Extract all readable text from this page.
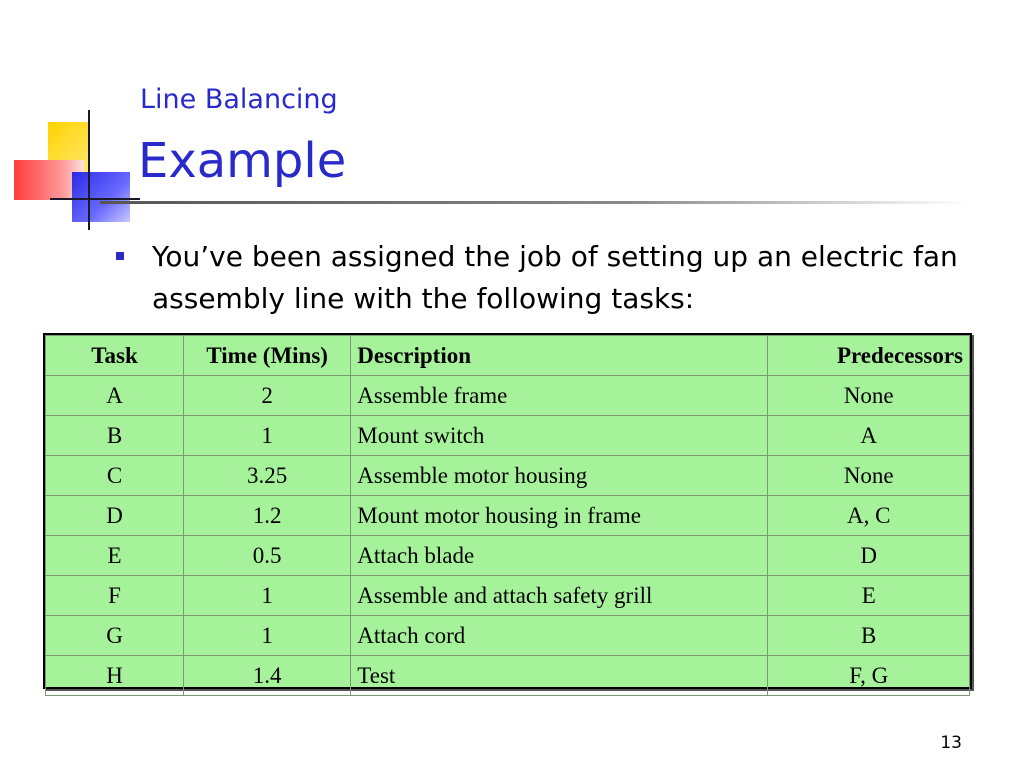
Line Balancing
Example

You’ve been assigned the job of setting up an electric fan assembly line with the following tasks:

Task	Time (Mins)	Description	Predecessors
A	2	Assemble frame	None
B	1	Mount switch	A
C	3.25	Assemble motor housing	None
D	1.2	Mount motor housing in frame	A, C
E	0.5	Attach blade	D
F	1	Assemble and attach safety grill	E
G	1	Attach cord	B
H	1.4	Test	F, G

13
